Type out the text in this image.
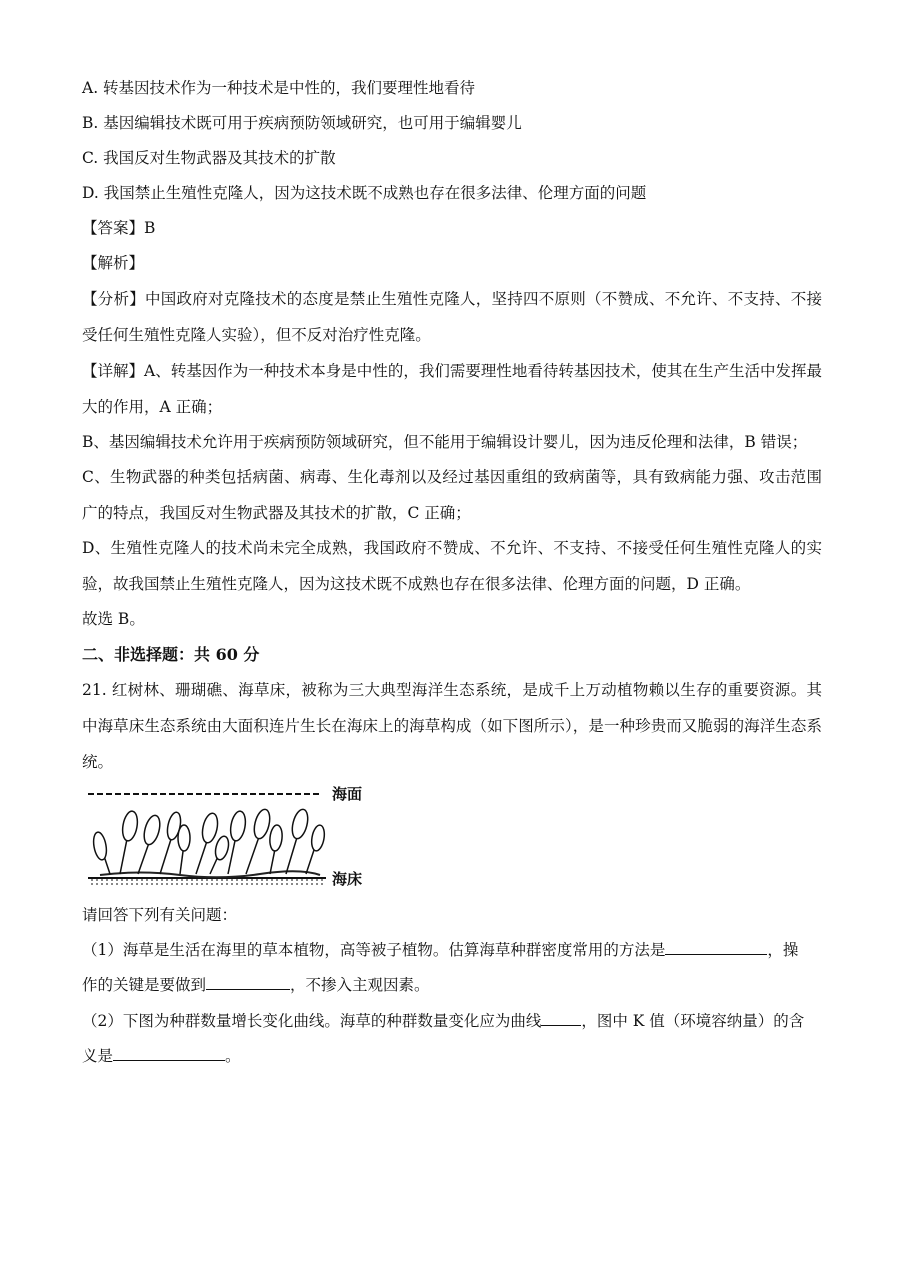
A. 转基因技术作为一种技术是中性的，我们要理性地看待

B. 基因编辑技术既可用于疾病预防领域研究，也可用于编辑婴儿

C. 我国反对生物武器及其技术的扩散

D. 我国禁止生殖性克隆人，因为这技术既不成熟也存在很多法律、伦理方面的问题

【答案】B

【解析】

【分析】中国政府对克隆技术的态度是禁止生殖性克隆人，坚持四不原则（不赞成、不允许、不支持、不接受任何生殖性克隆人实验），但不反对治疗性克隆。

【详解】A、转基因作为一种技术本身是中性的，我们需要理性地看待转基因技术，使其在生产生活中发挥最大的作用，A 正确；

B、基因编辑技术允许用于疾病预防领域研究，但不能用于编辑设计婴儿，因为违反伦理和法律，B 错误；

C、生物武器的种类包括病菌、病毒、生化毒剂以及经过基因重组的致病菌等，具有致病能力强、攻击范围广的特点，我国反对生物武器及其技术的扩散，C 正确；

D、生殖性克隆人的技术尚未完全成熟，我国政府不赞成、不允许、不支持、不接受任何生殖性克隆人的实验，故我国禁止生殖性克隆人，因为这技术既不成熟也存在很多法律、伦理方面的问题，D 正确。

故选 B。

二、非选择题：共 60 分

21. 红树林、珊瑚礁、海草床，被称为三大典型海洋生态系统，是成千上万动植物赖以生存的重要资源。其中海草床生态系统由大面积连片生长在海床上的海草构成（如下图所示），是一种珍贵而又脆弱的海洋生态系统。

海面
海床

请回答下列有关问题：

（1）海草是生活在海里的草本植物，高等被子植物。估算海草种群密度常用的方法是	，操

作的关键是要做到	，不掺入主观因素。

（2）下图为种群数量增长变化曲线。海草的种群数量变化应为曲线	，图中 K 值（环境容纳量）的含

义是	。
